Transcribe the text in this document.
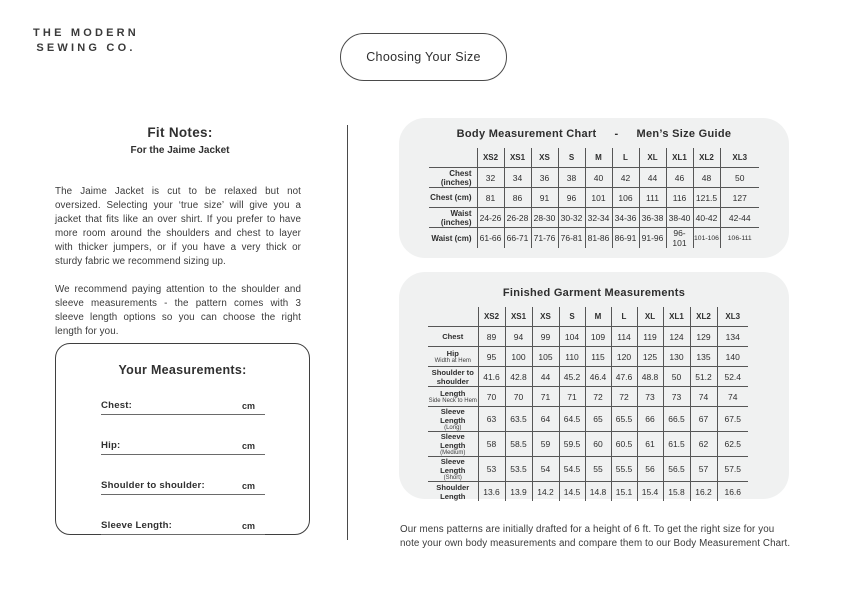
THE MODERN
SEWING CO.
Choosing Your Size
Fit Notes:
For the Jaime Jacket

The Jaime Jacket is cut to be relaxed but not oversized. Selecting your ‘true size’ will give you a jacket that fits like an over shirt. If you prefer to have more room around the shoulders and chest to layer with thicker jumpers, or if you have a very thick or sturdy fabric we recommend sizing up.

We recommend paying attention to the shoulder and sleeve measurements - the pattern comes with 3 sleeve length options so you can choose the right length for you.

Your Measurements:
Chest:	cm
Hip:	cm
Shoulder to shoulder:	cm
Sleeve Length:	cm
Body Measurement Chart - Men’s Size Guide
	XS2	XS1	XS	S	M	L	XL	XL1	XL2	XL3

Chest (inches)	32	34	36	38	40	42	44	46	48	50

Chest (cm)	81	86	91	96	101	106	111	116	121.5	127

Waist (inches)	24-26	26-28	28-30	30-32	32-34	34-36	36-38	38-40	40-42	42-44

Waist (cm)	61-66	66-71	71-76	76-81	81-86	86-91	91-96	96-101	101-106	106-111
Finished Garment Measurements
	XS2	XS1	XS	S	M	L	XL	XL1	XL2	XL3

Chest	89	94	99	104	109	114	119	124	129	134

Hip
Width at Hem	95	100	105	110	115	120	125	130	135	140

Shoulder to shoulder	41.6	42.8	44	45.2	46.4	47.6	48.8	50	51.2	52.4

Length
Side Neck to Hem	70	70	71	71	72	72	73	73	74	74

Sleeve Length
(Long)	63	63.5	64	64.5	65	65.5	66	66.5	67	67.5

Sleeve Length
(Medium)	58	58.5	59	59.5	60	60.5	61	61.5	62	62.5

Sleeve Length
(Short)	53	53.5	54	54.5	55	55.5	56	56.5	57	57.5

Shoulder Length	13.6	13.9	14.2	14.5	14.8	15.1	15.4	15.8	16.2	16.6

Our mens patterns are initially drafted for a height of 6 ft. To get the right size for you note your own body measurements and compare them to our Body Measurement Chart.
